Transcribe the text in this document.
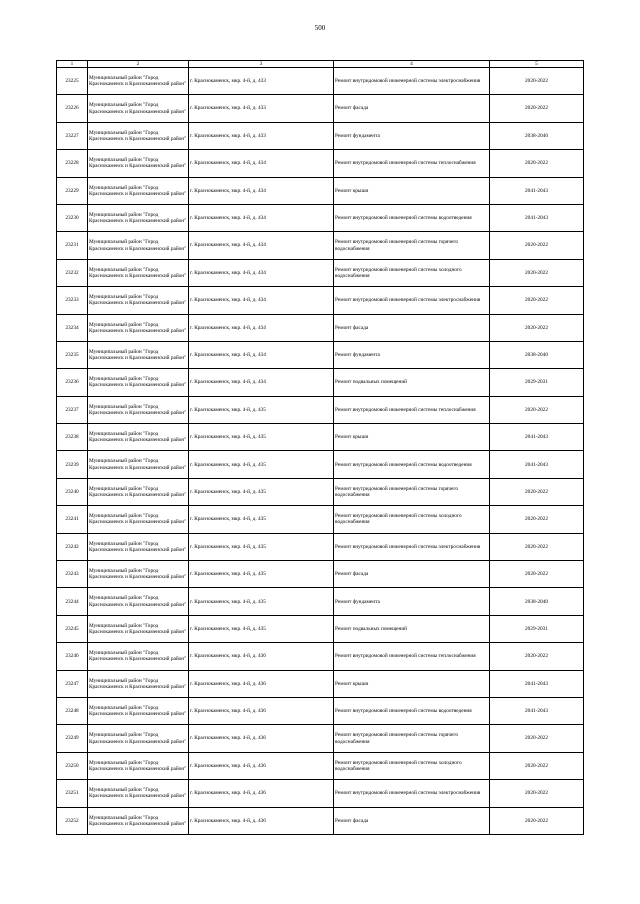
500
1	2	3	4	5
23225	Муниципальный район "Город Краснокаменск и Краснокаменский район"	г. Краснокаменск, мкр. 4-й, д. 433	Ремонт внутридомовой инженерной системы электроснабжения	2020-2022
23226	Муниципальный район "Город Краснокаменск и Краснокаменский район"	г. Краснокаменск, мкр. 4-й, д. 433	Ремонт фасада	2020-2022
23227	Муниципальный район "Город Краснокаменск и Краснокаменский район"	г. Краснокаменск, мкр. 4-й, д. 433	Ремонт фундамента	2038-2040
23228	Муниципальный район "Город Краснокаменск и Краснокаменский район"	г. Краснокаменск, мкр. 4-й, д. 434	Ремонт внутридомовой инженерной системы теплоснабжения	2020-2022
23229	Муниципальный район "Город Краснокаменск и Краснокаменский район"	г. Краснокаменск, мкр. 4-й, д. 434	Ремонт крыши	2041-2043
23230	Муниципальный район "Город Краснокаменск и Краснокаменский район"	г. Краснокаменск, мкр. 4-й, д. 434	Ремонт внутридомовой инженерной системы водоотведения	2041-2043
23231	Муниципальный район "Город Краснокаменск и Краснокаменский район"	г. Краснокаменск, мкр. 4-й, д. 434	Ремонт внутридомовой инженерной системы горячего водоснабжения	2020-2022
23232	Муниципальный район "Город Краснокаменск и Краснокаменский район"	г. Краснокаменск, мкр. 4-й, д. 434	Ремонт внутридомовой инженерной системы холодного водоснабжения	2020-2022
23233	Муниципальный район "Город Краснокаменск и Краснокаменский район"	г. Краснокаменск, мкр. 4-й, д. 434	Ремонт внутридомовой инженерной системы электроснабжения	2020-2022
23234	Муниципальный район "Город Краснокаменск и Краснокаменский район"	г. Краснокаменск, мкр. 4-й, д. 434	Ремонт фасада	2020-2022
23235	Муниципальный район "Город Краснокаменск и Краснокаменский район"	г. Краснокаменск, мкр. 4-й, д. 434	Ремонт фундамента	2038-2040
23236	Муниципальный район "Город Краснокаменск и Краснокаменский район"	г. Краснокаменск, мкр. 4-й, д. 434	Ремонт подвальных помещений	2029-2031
23237	Муниципальный район "Город Краснокаменск и Краснокаменский район"	г. Краснокаменск, мкр. 4-й, д. 435	Ремонт внутридомовой инженерной системы теплоснабжения	2020-2022
23238	Муниципальный район "Город Краснокаменск и Краснокаменский район"	г. Краснокаменск, мкр. 4-й, д. 435	Ремонт крыши	2041-2043
23239	Муниципальный район "Город Краснокаменск и Краснокаменский район"	г. Краснокаменск, мкр. 4-й, д. 435	Ремонт внутридомовой инженерной системы водоотведения	2041-2043
23240	Муниципальный район "Город Краснокаменск и Краснокаменский район"	г. Краснокаменск, мкр. 4-й, д. 435	Ремонт внутридомовой инженерной системы горячего водоснабжения	2020-2022
23241	Муниципальный район "Город Краснокаменск и Краснокаменский район"	г. Краснокаменск, мкр. 4-й, д. 435	Ремонт внутридомовой инженерной системы холодного водоснабжения	2020-2022
23242	Муниципальный район "Город Краснокаменск и Краснокаменский район"	г. Краснокаменск, мкр. 4-й, д. 435	Ремонт внутридомовой инженерной системы электроснабжения	2020-2022
23243	Муниципальный район "Город Краснокаменск и Краснокаменский район"	г. Краснокаменск, мкр. 4-й, д. 435	Ремонт фасада	2020-2022
23244	Муниципальный район "Город Краснокаменск и Краснокаменский район"	г. Краснокаменск, мкр. 4-й, д. 435	Ремонт фундамента	2038-2040
23245	Муниципальный район "Город Краснокаменск и Краснокаменский район"	г. Краснокаменск, мкр. 4-й, д. 435	Ремонт подвальных помещений	2029-2031
23246	Муниципальный район "Город Краснокаменск и Краснокаменский район"	г. Краснокаменск, мкр. 4-й, д. 436	Ремонт внутридомовой инженерной системы теплоснабжения	2020-2022
23247	Муниципальный район "Город Краснокаменск и Краснокаменский район"	г. Краснокаменск, мкр. 4-й, д. 436	Ремонт крыши	2041-2043
23248	Муниципальный район "Город Краснокаменск и Краснокаменский район"	г. Краснокаменск, мкр. 4-й, д. 436	Ремонт внутридомовой инженерной системы водоотведения	2041-2043
23249	Муниципальный район "Город Краснокаменск и Краснокаменский район"	г. Краснокаменск, мкр. 4-й, д. 436	Ремонт внутридомовой инженерной системы горячего водоснабжения	2020-2022
23250	Муниципальный район "Город Краснокаменск и Краснокаменский район"	г. Краснокаменск, мкр. 4-й, д. 436	Ремонт внутридомовой инженерной системы холодного водоснабжения	2020-2022
23251	Муниципальный район "Город Краснокаменск и Краснокаменский район"	г. Краснокаменск, мкр. 4-й, д. 436	Ремонт внутридомовой инженерной системы электроснабжения	2020-2022
23252	Муниципальный район "Город Краснокаменск и Краснокаменский район"	г. Краснокаменск, мкр. 4-й, д. 436	Ремонт фасада	2020-2022
